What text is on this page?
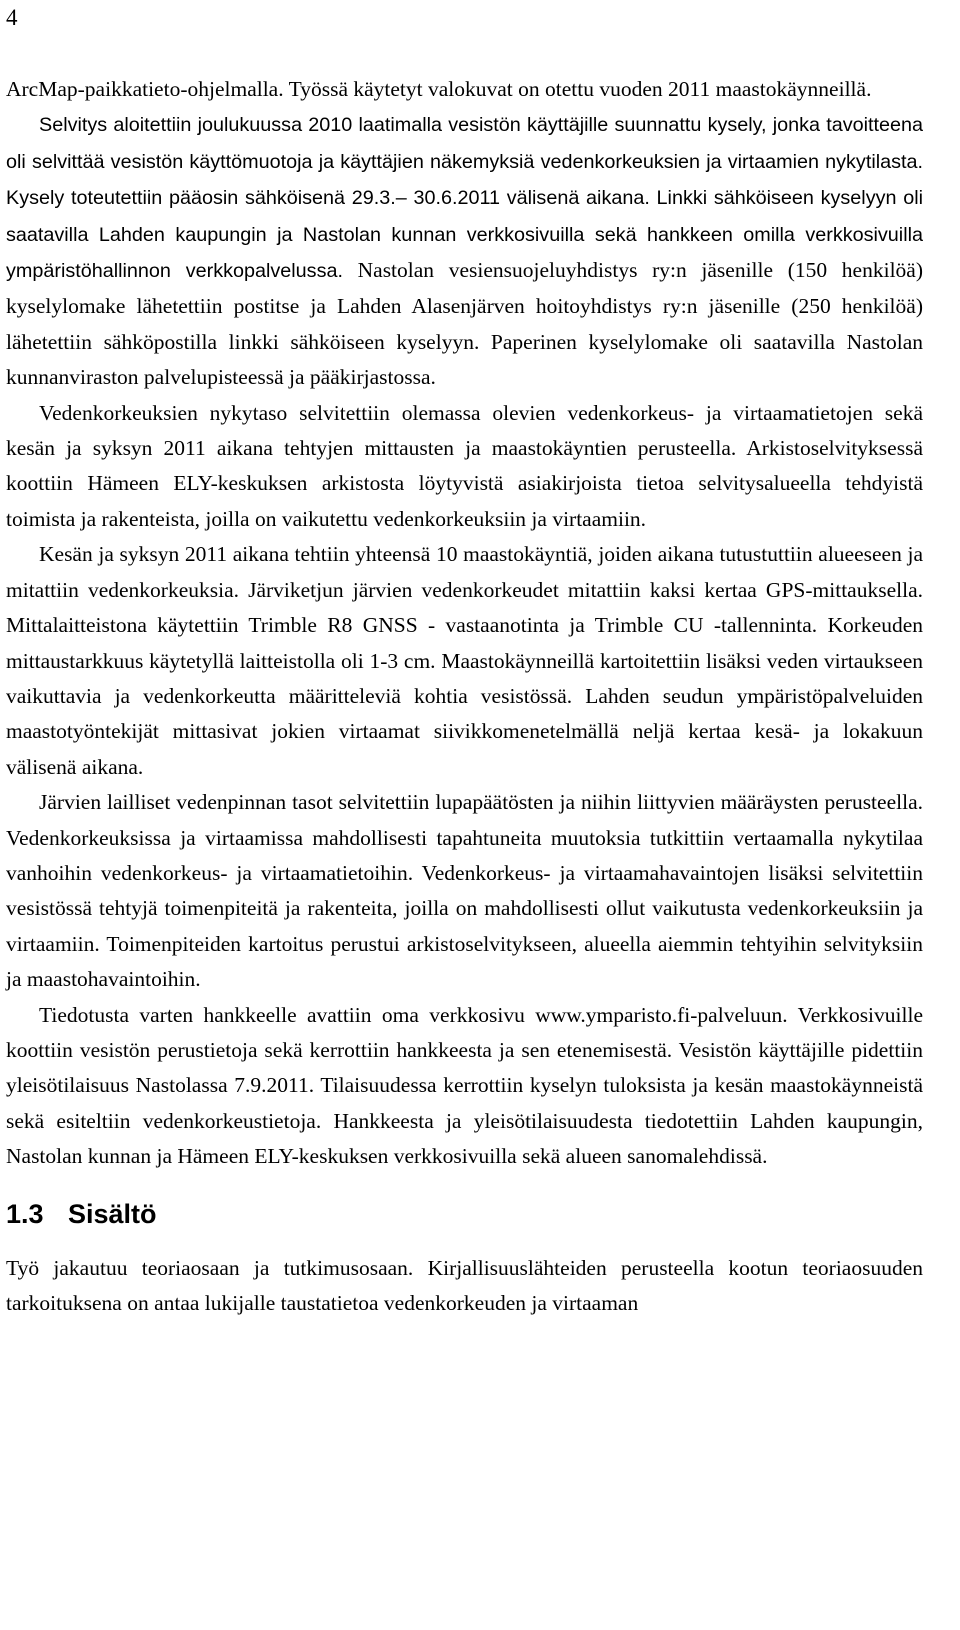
4

ArcMap-paikkatieto-ohjelmalla. Työssä käytetyt valokuvat on otettu vuoden 2011 maastokäynneillä.

Selvitys aloitettiin joulukuussa 2010 laatimalla vesistön käyttäjille suunnattu kysely, jonka tavoitteena oli selvittää vesistön käyttömuotoja ja käyttäjien näkemyksiä vedenkorkeuksien ja virtaamien nykytilasta. Kysely toteutettiin pääosin sähköisenä 29.3.– 30.6.2011 välisenä aikana. Linkki sähköiseen kyselyyn oli saatavilla Lahden kaupungin ja Nastolan kunnan verkkosivuilla sekä hankkeen omilla verkkosivuilla ympäristöhallinnon verkkopalvelussa. Nastolan vesiensuojeluyhdistys ry:n jäsenille (150 henkilöä) kyselylomake lähetettiin postitse ja Lahden Alasenjärven hoitoyhdistys ry:n jäsenille (250 henkilöä) lähetettiin sähköpostilla linkki sähköiseen kyselyyn. Paperinen kyselylomake oli saatavilla Nastolan kunnanviraston palvelupisteessä ja pääkirjastossa.

Vedenkorkeuksien nykytaso selvitettiin olemassa olevien vedenkorkeus- ja virtaamatietojen sekä kesän ja syksyn 2011 aikana tehtyjen mittausten ja maastokäyntien perusteella. Arkistoselvityksessä koottiin Hämeen ELY-keskuksen arkistosta löytyvistä asiakirjoista tietoa selvitysalueella tehdyistä toimista ja rakenteista, joilla on vaikutettu vedenkorkeuksiin ja virtaamiin.

Kesän ja syksyn 2011 aikana tehtiin yhteensä 10 maastokäyntiä, joiden aikana tutustuttiin alueeseen ja mitattiin vedenkorkeuksia. Järviketjun järvien vedenkorkeudet mitattiin kaksi kertaa GPS-mittauksella. Mittalaitteistona käytettiin Trimble R8 GNSS - vastaanotinta ja Trimble CU -tallenninta. Korkeuden mittaustarkkuus käytetyllä laitteistolla oli 1-3 cm. Maastokäynneillä kartoitettiin lisäksi veden virtaukseen vaikuttavia ja vedenkorkeutta määritteleviä kohtia vesistössä. Lahden seudun ympäristöpalveluiden maastotyöntekijät mittasivat jokien virtaamat siivikkomenetelmällä neljä kertaa kesä- ja lokakuun välisenä aikana.

Järvien lailliset vedenpinnan tasot selvitettiin lupapäätösten ja niihin liittyvien määräysten perusteella. Vedenkorkeuksissa ja virtaamissa mahdollisesti tapahtuneita muutoksia tutkittiin vertaamalla nykytilaa vanhoihin vedenkorkeus- ja virtaamatietoihin. Vedenkorkeus- ja virtaamahavaintojen lisäksi selvitettiin vesistössä tehtyjä toimenpiteitä ja rakenteita, joilla on mahdollisesti ollut vaikutusta vedenkorkeuksiin ja virtaamiin. Toimenpiteiden kartoitus perustui arkistoselvitykseen, alueella aiemmin tehtyihin selvityksiin ja maastohavaintoihin.

Tiedotusta varten hankkeelle avattiin oma verkkosivu www.ymparisto.fi-palveluun. Verkkosivuille koottiin vesistön perustietoja sekä kerrottiin hankkeesta ja sen etenemisestä. Vesistön käyttäjille pidettiin yleisötilaisuus Nastolassa 7.9.2011. Tilaisuudessa kerrottiin kyselyn tuloksista ja kesän maastokäynneistä sekä esiteltiin vedenkorkeustietoja. Hankkeesta ja yleisötilaisuudesta tiedotettiin Lahden kaupungin, Nastolan kunnan ja Hämeen ELY-keskuksen verkkosivuilla sekä alueen sanomalehdissä.

1.3 Sisältö

Työ jakautuu teoriaosaan ja tutkimusosaan. Kirjallisuuslähteiden perusteella kootun teoriaosuuden tarkoituksena on antaa lukijalle taustatietoa vedenkorkeuden ja virtaaman
